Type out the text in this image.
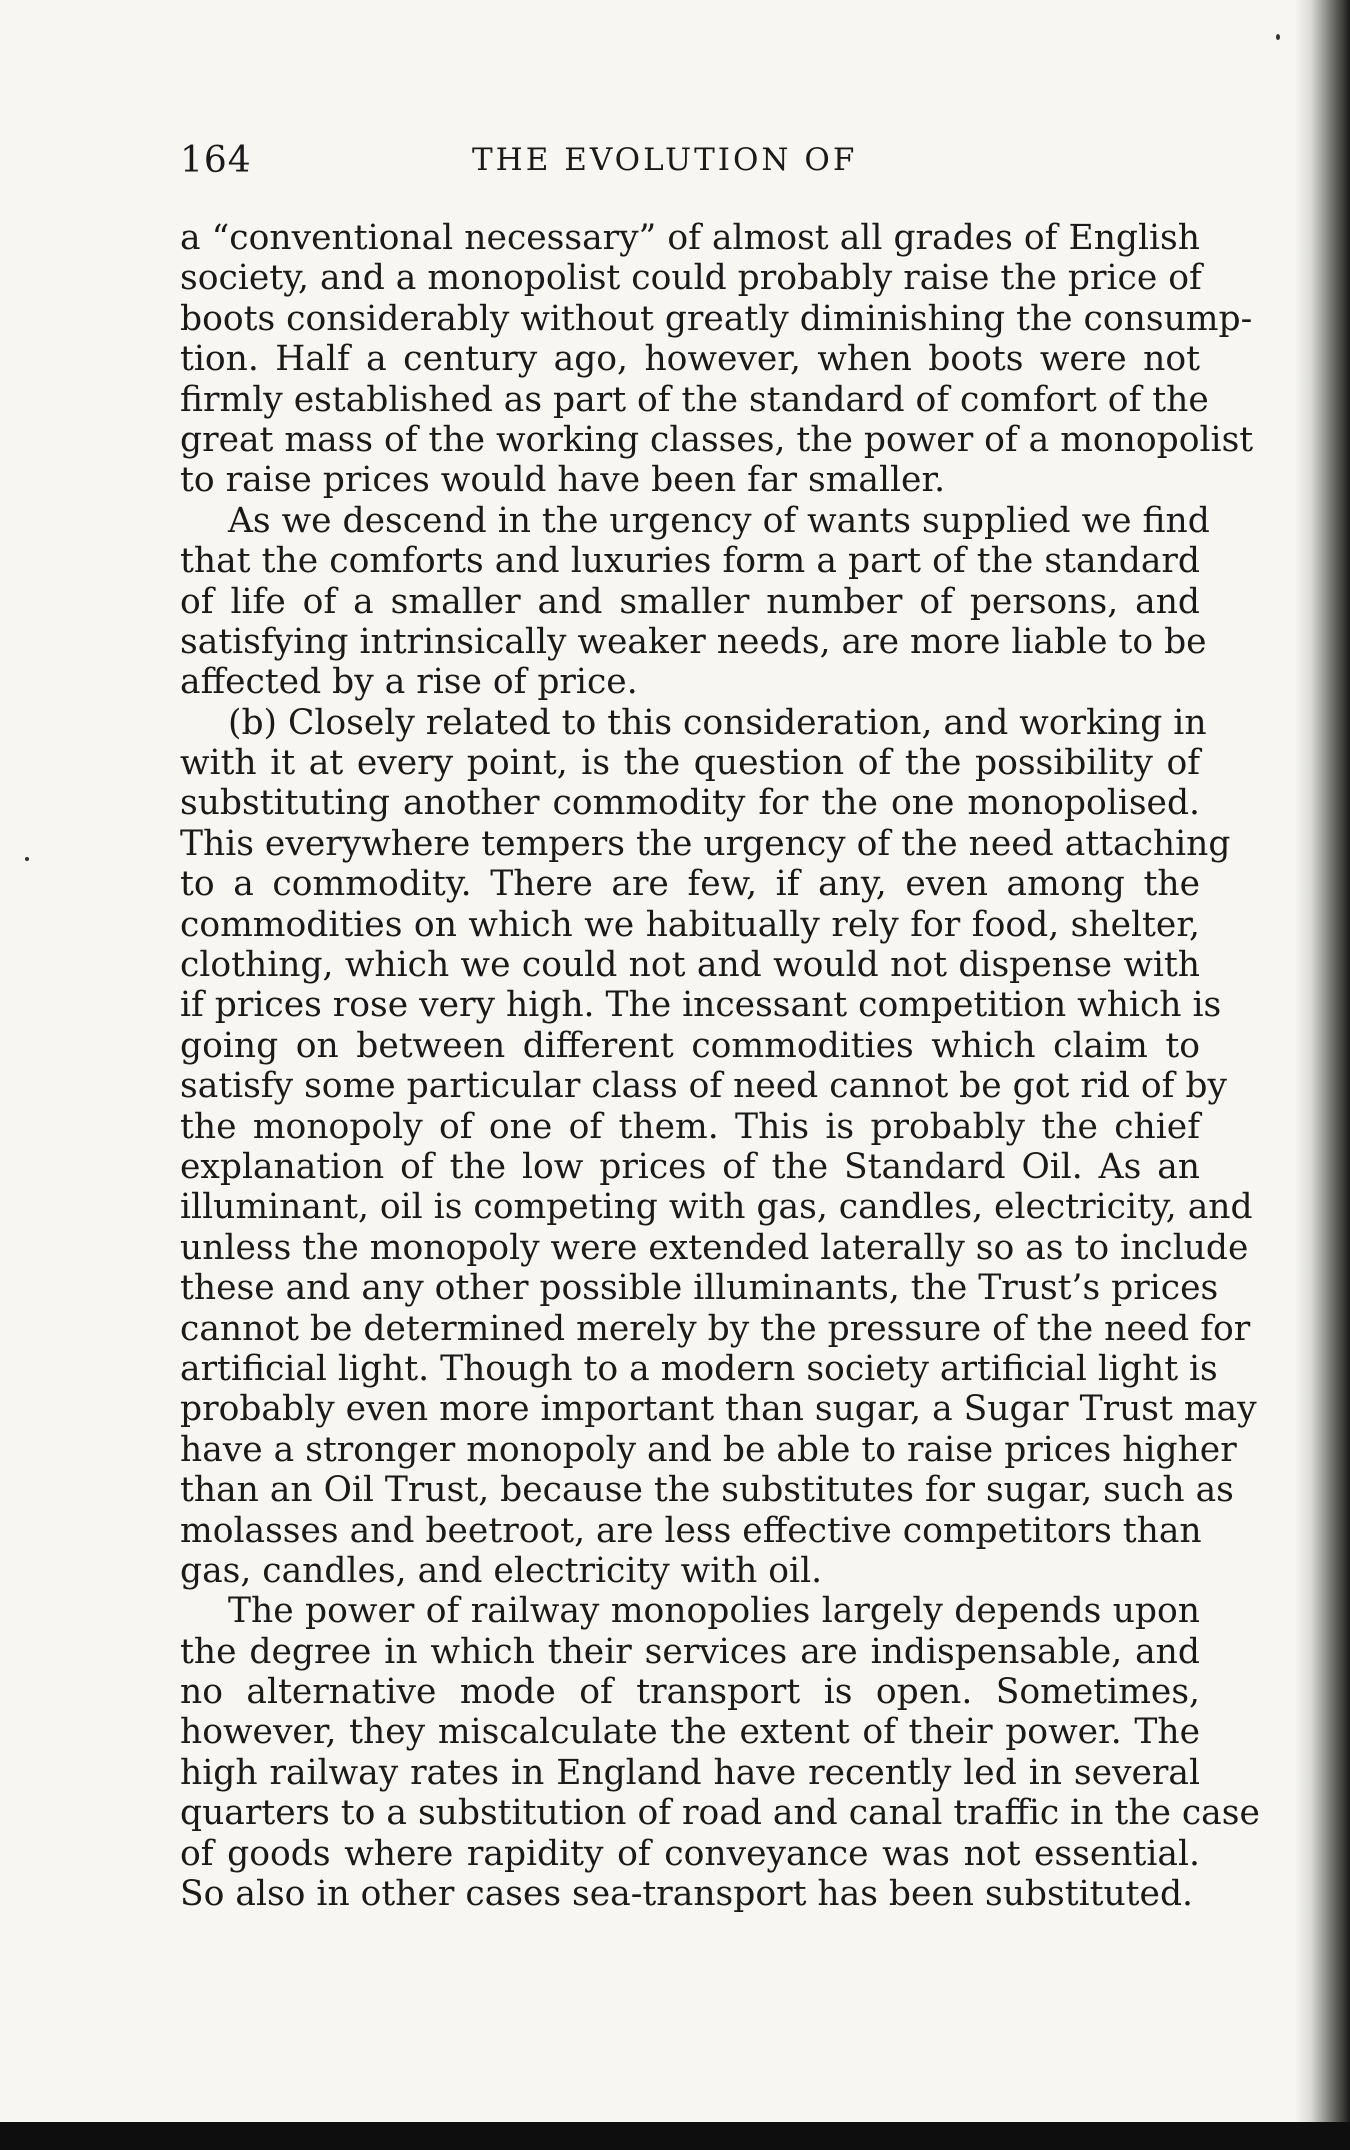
164	THE EVOLUTION OF
a “conventional necessary” of almost all grades of English
society, and a monopolist could probably raise the price of
boots considerably without greatly diminishing the consump-
tion. Half a century ago, however, when boots were not
firmly established as part of the standard of comfort of the
great mass of the working classes, the power of a monopolist
to raise prices would have been far smaller.
As we descend in the urgency of wants supplied we find
that the comforts and luxuries form a part of the standard
of life of a smaller and smaller number of persons, and
satisfying intrinsically weaker needs, are more liable to be
affected by a rise of price.
(b) Closely related to this consideration, and working in
with it at every point, is the question of the possibility of
substituting another commodity for the one monopolised.
This everywhere tempers the urgency of the need attaching
to a commodity. There are few, if any, even among the
commodities on which we habitually rely for food, shelter,
clothing, which we could not and would not dispense with
if prices rose very high. The incessant competition which is
going on between different commodities which claim to
satisfy some particular class of need cannot be got rid of by
the monopoly of one of them. This is probably the chief
explanation of the low prices of the Standard Oil. As an
illuminant, oil is competing with gas, candles, electricity, and
unless the monopoly were extended laterally so as to include
these and any other possible illuminants, the Trust’s prices
cannot be determined merely by the pressure of the need for
artificial light. Though to a modern society artificial light is
probably even more important than sugar, a Sugar Trust may
have a stronger monopoly and be able to raise prices higher
than an Oil Trust, because the substitutes for sugar, such as
molasses and beetroot, are less effective competitors than
gas, candles, and electricity with oil.
The power of railway monopolies largely depends upon
the degree in which their services are indispensable, and
no alternative mode of transport is open. Sometimes,
however, they miscalculate the extent of their power. The
high railway rates in England have recently led in several
quarters to a substitution of road and canal traffic in the case
of goods where rapidity of conveyance was not essential.
So also in other cases sea-transport has been substituted.
